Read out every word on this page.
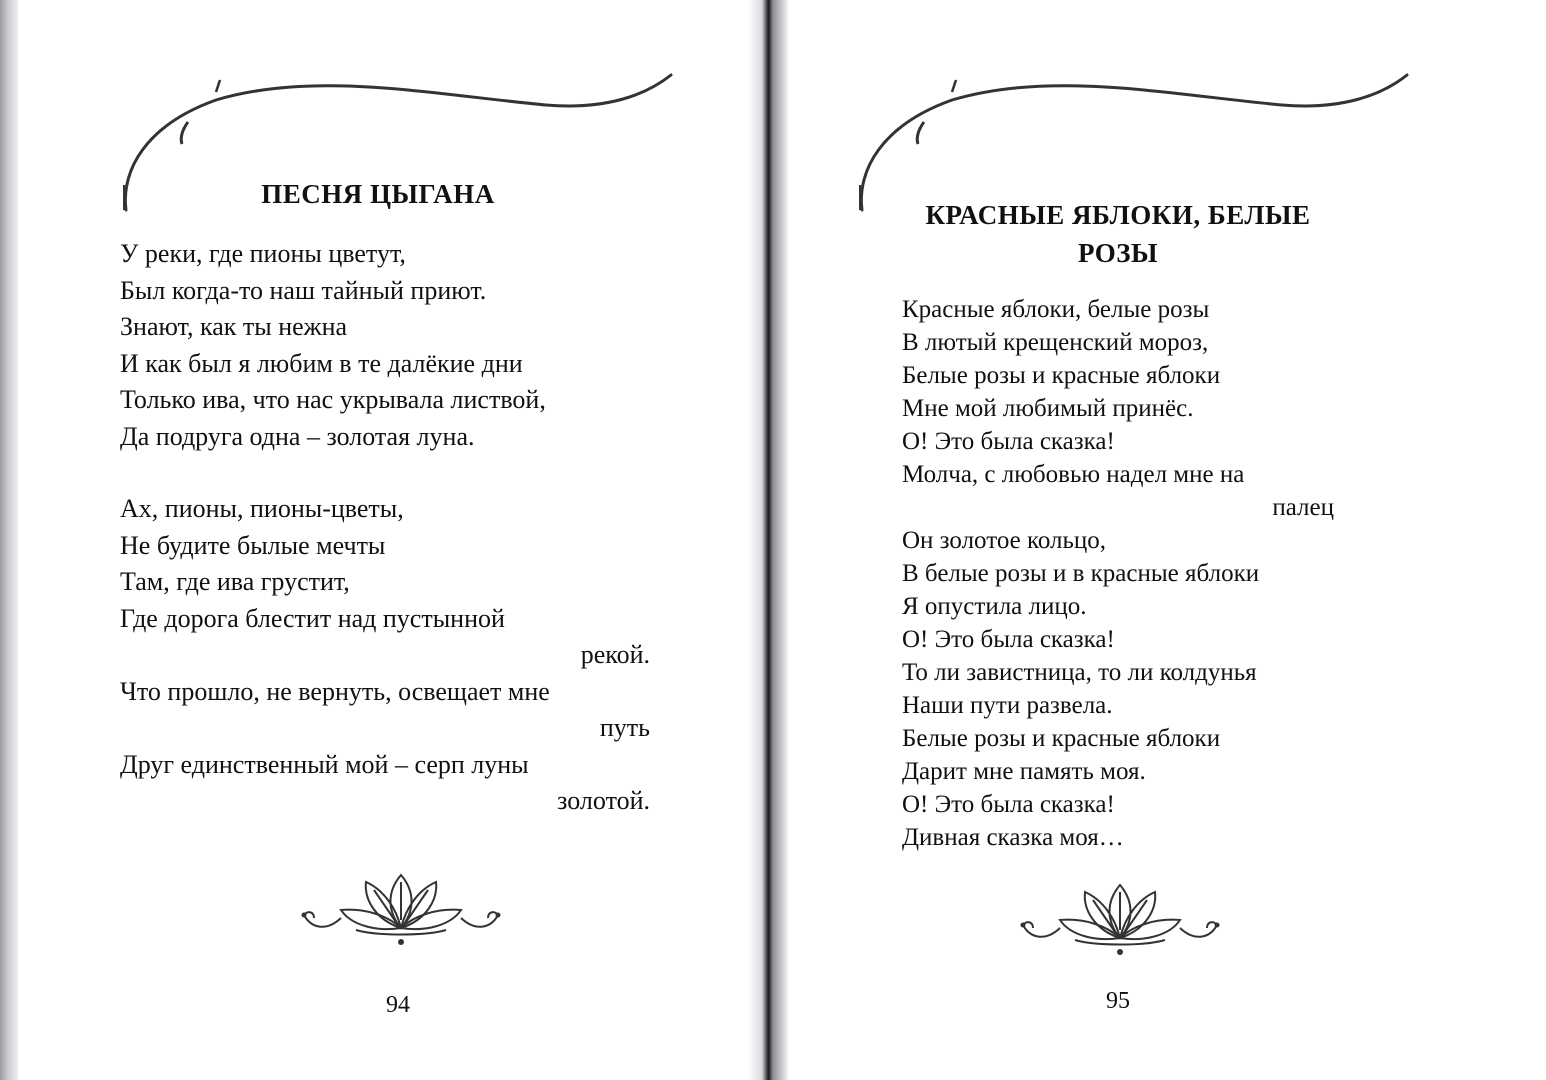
ПЕСНЯ ЦЫГАНА
У реки, где пионы цветут,
Был когда-то наш тайный приют.
Знают, как ты нежна
И как был я любим в те далёкие дни
Только ива, что нас укрывала листвой,
Да подруга одна – золотая луна.
Ах, пионы, пионы-цветы,
Не будите былые мечты
Там, где ива грустит,
Где дорога блестит над пустынной
рекой.
Что прошло, не вернуть, освещает мне
путь
Друг единственный мой – серп луны
золотой.
94
КРАСНЫЕ ЯБЛОКИ, БЕЛЫЕ
РОЗЫ
Красные яблоки, белые розы
В лютый крещенский мороз,
Белые розы и красные яблоки
Мне мой любимый принёс.
О! Это была сказка!
Молча, с любовью надел мне на
палец
Он золотое кольцо,
В белые розы и в красные яблоки
Я опустила лицо.
О! Это была сказка!
То ли завистница, то ли колдунья
Наши пути развела.
Белые розы и красные яблоки
Дарит мне память моя.
О! Это была сказка!
Дивная сказка моя…
95
